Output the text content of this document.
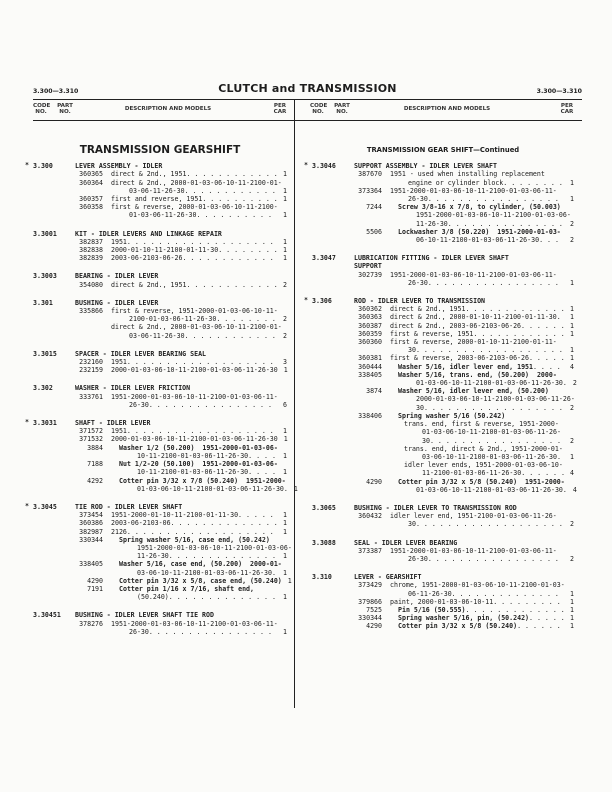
3.300—3.310	CLUTCH and TRANSMISSION	3.300—3.310
CODE
NO.
PART
NO.
DESCRIPTION AND MODELS	PER
CAR
CODE
NO.
PART
NO.
DESCRIPTION AND MODELS	PER
CAR
TRANSMISSION GEARSHIFT
* 3.300	LEVER ASSEMBLY - IDLER
360365	direct & 2nd., 1951 . . .	1
360364	direct & 2nd., 2000-01-03-06-10-11-2100-01-
03-06-11-26-30 . . .	1
360357	first and reverse, 1951 . . .	1
360358	first & reverse, 2000-01-03-06-10-11-2100-
01-03-06-11-26-30 . . .	1
3.3001	KIT - IDLER LEVERS AND LINKAGE REPAIR
382837	1951 . . .	1
382838	2000-01-10-11-2100-01-11-30 . . .	1
382839	2003-06-2103-06-26 . . .	1
3.3003	BEARING - IDLER LEVER
354080	direct & 2nd., 1951 . . .	2
3.301	BUSHING - IDLER LEVER
335866	first & reverse, 1951-2000-01-03-06-10-11-
2100-01-03-06-11-26-30 . . .	2
direct & 2nd., 2000-01-03-06-10-11-2100-01-
03-06-11-26-30 . . .	2
3.3015	SPACER - IDLER LEVER BEARING SEAL
232160	1951 . . .	3
232159	2000-01-03-06-10-11-2100-01-03-06-11-26-30 1
3.302	WASHER - IDLER LEVER FRICTION
333761	1951-2000-01-03-06-10-11-2100-01-03-06-11-
26-30 . . .	6
* 3.3031	SHAFT - IDLER LEVER
371572	1951 . . .	1
371532	2000-01-03-06-10-11-2100-01-03-06-11-26-30 1
3884	Washer 1/2 (50.200)  1951-2000-01-03-06-
10-11-2100-01-03-06-11-26-30 . . .	1
7188	Nut 1/2-20 (50.100)  1951-2000-01-03-06-
10-11-2100-01-03-06-11-26-30 . . .	1
4292	Cotter pin 3/32 x 7/8 (50.240)  1951-2000-
01-03-06-10-11-2100-01-03-06-11-26-30. 1
* 3.3045	TIE ROD - IDLER LEVER SHAFT
373454	1951-2000-01-10-11-2100-01-11-30 . . .	1
360386	2003-06-2103-06 . . .	1
382987	2126 . . .	1
330344	Spring washer 5/16, case end, (50.242)
1951-2000-01-03-06-10-11-2100-01-03-06-
11-26-30 . . .	1
338405	Washer 5/16, case end, (50.200)  2000-01-
03-06-10-11-2100-01-03-06-11-26-30 . . .	1
4290	Cotter pin 3/32 x 5/8, case end, (50.240) 1
7191	Cotter pin 1/16 x 7/16, shaft end,
(50.240) . . .	1
3.30451	BUSHING - IDLER LEVER SHAFT TIE ROD
378276	1951-2000-01-03-06-10-11-2100-01-03-06-11-
26-30 . . .	1
TRANSMISSION GEAR SHIFT—Continued
* 3.3046	SUPPORT ASSEMBLY - IDLER LEVER SHAFT
387670	1951 - used when installing replacement
engine or cylinder block . . .	1
373364	1951-2000-01-03-06-10-11-2100-01-03-06-11-
26-30 . . .	1
7244	Screw 3/8-16 x 7/8, to cylinder, (50.003)
1951-2000-01-03-06-10-11-2100-01-03-06-
11-26-30 . . .	2
5506	Lockwasher 3/8 (50.220)  1951-2000-01-03-
06-10-11-2100-01-03-06-11-26-30 . . .	2
3.3047	LUBRICATION FITTING - IDLER LEVER SHAFT
SUPPORT
302739	1951-2000-01-03-06-10-11-2100-01-03-06-11-
26-30 . . .	1
* 3.306	ROD - IDLER LEVER TO TRANSMISSION
360362	direct & 2nd., 1951 . . .	1
360363	direct & 2nd., 2000-01-10-11-2100-01-11-30 . . .	1
360387	direct & 2nd., 2003-06-2103-06-26 . . .	1
360359	first & reverse, 1951 . . .	1
360360	first & reverse, 2000-01-10-11-2100-01-11-
30 . . .	1
360381	first & reverse, 2003-06-2103-06-26 . . .	1
360444	Washer 5/16, idler lever end, 1951 . . .	4
338405	Washer 5/16, trans. end, (50.200)  2000-
01-03-06-10-11-2100-01-03-06-11-26-30. 2
3874	Washer 5/16, idler lever end, (50.200)
2000-01-03-06-10-11-2100-01-03-06-11-26-
30 . . .	2
338406	Spring washer 5/16 (50.242)
trans. end, first & reverse, 1951-2000-
01-03-06-10-11-2100-01-03-06-11-26-
30 . . .	2
trans. end, direct & 2nd., 1951-2000-01-
03-06-10-11-2100-01-03-06-11-26-30 . . .	1
idler lever ends, 1951-2000-01-03-06-10-
11-2100-01-03-06-11-26-30 . . .	4
4290	Cotter pin 3/32 x 5/8 (50.240)  1951-2000-
01-03-06-10-11-2100-01-03-06-11-26-30. 4
3.3065	BUSHING - IDLER LEVER TO TRANSMISSION ROD
360432	idler lever end, 1951-2100-01-03-06-11-26-
30 . . .	2
3.3088	SEAL - IDLER LEVER BEARING
373387	1951-2000-01-03-06-10-11-2100-01-03-06-11-
26-30 . . .	2
3.310	LEVER - GEARSHIFT
373429	chrome, 1951-2000-01-03-06-10-11-2100-01-03-
06-11-26-30 . . .	1
379866	paint, 2000-01-03-06-10-11 . . .	1
7525	Pin 5/16 (50.555) . . .	1
330344	Spring washer 5/16, pin, (50.242) . . .	1
4290	Cotter pin 3/32 x 5/8 (50.240) . . .	1
